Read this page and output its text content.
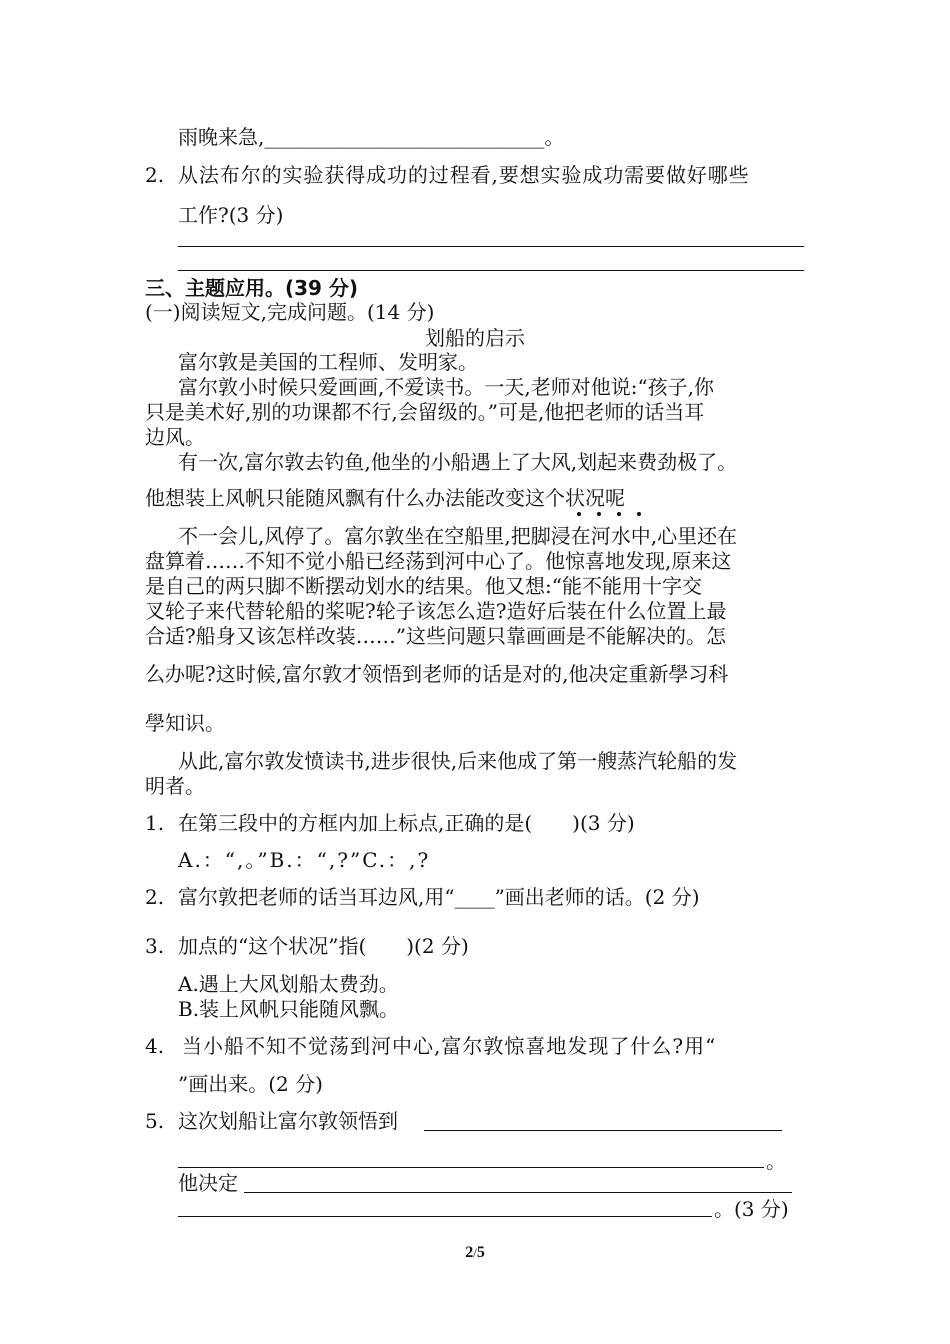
雨晚来急,____________________________。
2. 从法布尔的实验获得成功的过程看,要想实验成功需要做好哪些
工作?(3 分)
三、主题应用。(39 分)
(一)阅读短文,完成问题。(14 分)
划船的启示
富尔敦是美国的工程师、发明家。
富尔敦小时候只爱画画,不爱读书。一天,老师对他说:“孩子,你
只是美术好,别的功课都不行,会留级的。”可是,他把老师的话当耳
边风。
有一次,富尔敦去钓鱼,他坐的小船遇上了大风,划起来费劲极了。
他想装上风帆只能随风飘有什么办法能改变这个状况呢
不一会儿,风停了。富尔敦坐在空船里,把脚浸在河水中,心里还在
盘算着……不知不觉小船已经荡到河中心了。他惊喜地发现,原来这
是自己的两只脚不断摆动划水的结果。他又想:“能不能用十字交
叉轮子来代替轮船的桨呢?轮子该怎么造?造好后装在什么位置上最
合适?船身又该怎样改装……”这些问题只靠画画是不能解决的。怎
么办呢?这时候,富尔敦才领悟到老师的话是对的,他决定重新學习科
學知识。
从此,富尔敦发愤读书,进步很快,后来他成了第一艘蒸汽轮船的发
明者。
1. 在第三段中的方框内加上标点,正确的是(　　)(3 分)
A.：“,。”B.：“,?”C.：,?
2. 富尔敦把老师的话当耳边风,用“____”画出老师的话。(2 分)
3. 加点的“这个状况”指(　　)(2 分)
A.遇上大风划船太费劲。
B.装上风帆只能随风飘。
4. 当小船不知不觉荡到河中心,富尔敦惊喜地发现了什么?用“
”画出来。(2 分)
5. 这次划船让富尔敦领悟到
。
他决定
。(3 分)
2/5
